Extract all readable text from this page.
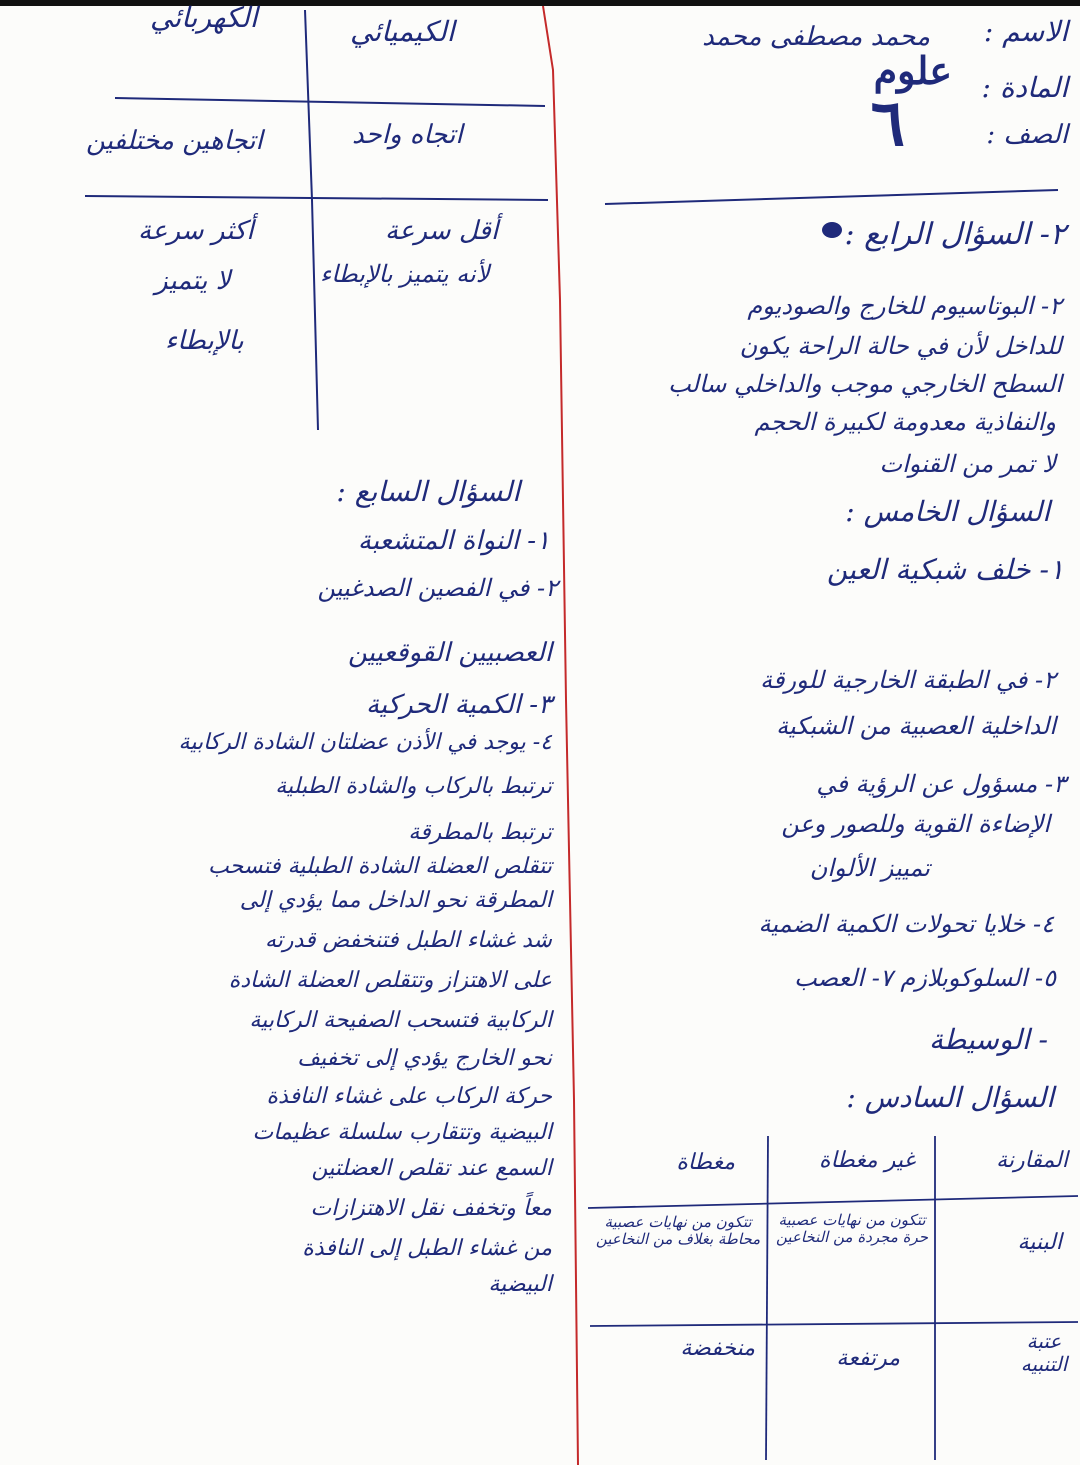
الاسم :
محمد مصطفى محمد
المادة :
علوم
الصف :
٦
الكيميائي
الكهربائي
اتجاه واحد
اتجاهين مختلفين
أقل سرعة
لأنه يتميز بالإبطاء
أكثر سرعة
لا يتميز
بالإبطاء
٢- السؤال الرابع :
٢- البوتاسيوم للخارج والصوديوم
للداخل لأن في حالة الراحة يكون
السطح الخارجي موجب والداخلي سالب
والنفاذية معدومة لكبيرة الحجم
لا تمر من القنوات
السؤال الخامس :
١- خلف شبكية العين
٢- في الطبقة الخارجية للورقة
الداخلية العصبية من الشبكية
٣- مسؤول عن الرؤية في
الإضاءة القوية وللصور وعن
تمييز الألوان
٤- خلايا تحولات الكمية الضمية
٥- السلوكوبلازم ٧- العصب
- الوسيطة
السؤال السادس :
المقارنة
غير مغطاة
مغطاة
البنية
تتكون من نهايات عصبية حرة مجردة من النخاعين
تتكون من نهايات عصبية محاطة بغلاف من النخاعين
عتبة التنبيه
مرتفعة
منخفضة
السؤال السابع :
١- النواة المتشعبة
٢- في الفصين الصدغيين
العصبيين القوقعيين
٣- الكمية الحركية
٤- يوجد في الأذن عضلتان الشادة الركابية
ترتبط بالركاب والشادة الطبلية
ترتبط بالمطرقة
تتقلص العضلة الشادة الطبلية فتسحب
المطرقة نحو الداخل مما يؤدي إلى
شد غشاء الطبل فتنخفض قدرته
على الاهتزاز وتتقلص العضلة الشادة
الركابية فتسحب الصفيحة الركابية
نحو الخارج يؤدي إلى تخفيف
حركة الركاب على غشاء النافذة
البيضية وتتقارب سلسلة عظيمات
السمع عند تقلص العضلتين
معاً وتخفف نقل الاهتزازات
من غشاء الطبل إلى النافذة
البيضية
